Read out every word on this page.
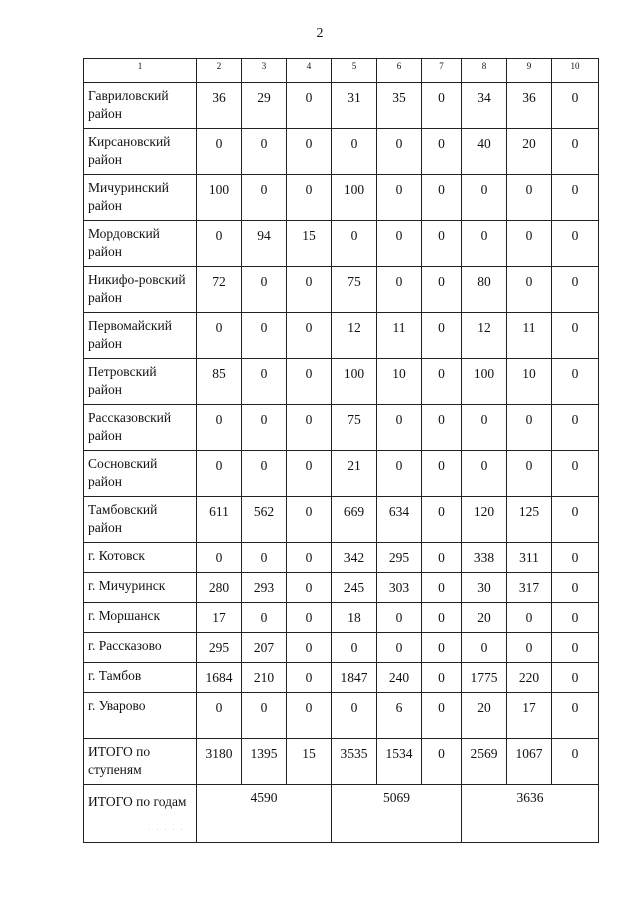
2
1	2	3	4	5	6	7	8	9	10
Гавриловский район	36	29	0	31	35	0	34	36	0
Кирсановский район	0	0	0	0	0	0	40	20	0
Мичуринский район	100	0	0	100	0	0	0	0	0
Мордовский район	0	94	15	0	0	0	0	0	0
Никифо-ровский район	72	0	0	75	0	0	80	0	0
Первомайский район	0	0	0	12	11	0	12	11	0
Петровский район	85	0	0	100	10	0	100	10	0
Рассказовский район	0	0	0	75	0	0	0	0	0
Сосновский район	0	0	0	21	0	0	0	0	0
Тамбовский район	611	562	0	669	634	0	120	125	0
г. Котовск	0	0	0	342	295	0	338	311	0
г. Мичуринск	280	293	0	245	303	0	30	317	0
г. Моршанск	17	0	0	18	0	0	20	0	0
г. Рассказово	295	207	0	0	0	0	0	0	0
г. Тамбов	1684	210	0	1847	240	0	1775	220	0
г. Уварово	0	0	0	0	6	0	20	17	0
ИТОГО по ступеням	3180	1395	15	3535	1534	0	2569	1067	0
ИТОГО по годам	4590			5069			3636		
· · · · ·
